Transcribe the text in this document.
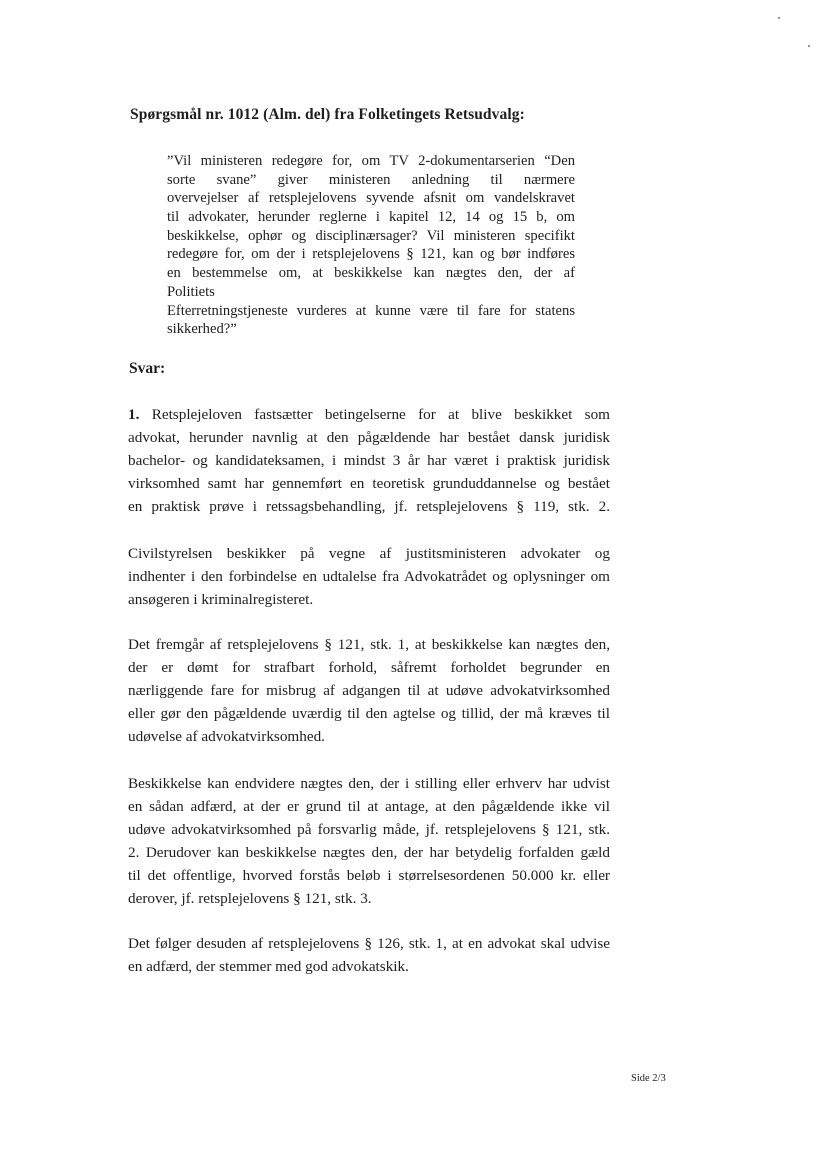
Spørgsmål nr. 1012 (Alm. del) fra Folketingets Retsudvalg:
”Vil ministeren redegøre for, om TV 2-dokumentarserien “Den
sorte svane” giver ministeren anledning til nærmere
overvejelser af retsplejelovens syvende afsnit om vandelskravet
til advokater, herunder reglerne i kapitel 12, 14 og 15 b, om
beskikkelse, ophør og disciplinærsager? Vil ministeren specifikt
redegøre for, om der i retsplejelovens § 121, kan og bør indføres
en bestemmelse om, at beskikkelse kan nægtes den, der af
Politiets
Efterretningstjeneste vurderes at kunne være til fare for statens
sikkerhed?”
Svar:
1. Retsplejeloven fastsætter betingelserne for at blive beskikket som
advokat, herunder navnlig at den pågældende har bestået dansk juridisk
bachelor- og kandidateksamen, i mindst 3 år har været i praktisk juridisk
virksomhed samt har gennemført en teoretisk grunduddannelse og bestået
en praktisk prøve i retssagsbehandling, jf. retsplejelovens § 119, stk. 2.
Civilstyrelsen beskikker på vegne af justitsministeren advokater og
indhenter i den forbindelse en udtalelse fra Advokatrådet og oplysninger om
ansøgeren i kriminalregisteret.
Det fremgår af retsplejelovens § 121, stk. 1, at beskikkelse kan nægtes den,
der er dømt for strafbart forhold, såfremt forholdet begrunder en
nærliggende fare for misbrug af adgangen til at udøve advokatvirksomhed
eller gør den pågældende uværdig til den agtelse og tillid, der må kræves til
udøvelse af advokatvirksomhed.
Beskikkelse kan endvidere nægtes den, der i stilling eller erhverv har udvist
en sådan adfærd, at der er grund til at antage, at den pågældende ikke vil
udøve advokatvirksomhed på forsvarlig måde, jf. retsplejelovens § 121, stk.
2. Derudover kan beskikkelse nægtes den, der har betydelig forfalden gæld
til det offentlige, hvorved forstås beløb i størrelsesordenen 50.000 kr. eller
derover, jf. retsplejelovens § 121, stk. 3.
Det følger desuden af retsplejelovens § 126, stk. 1, at en advokat skal udvise
en adfærd, der stemmer med god advokatskik.
Side 2/3
